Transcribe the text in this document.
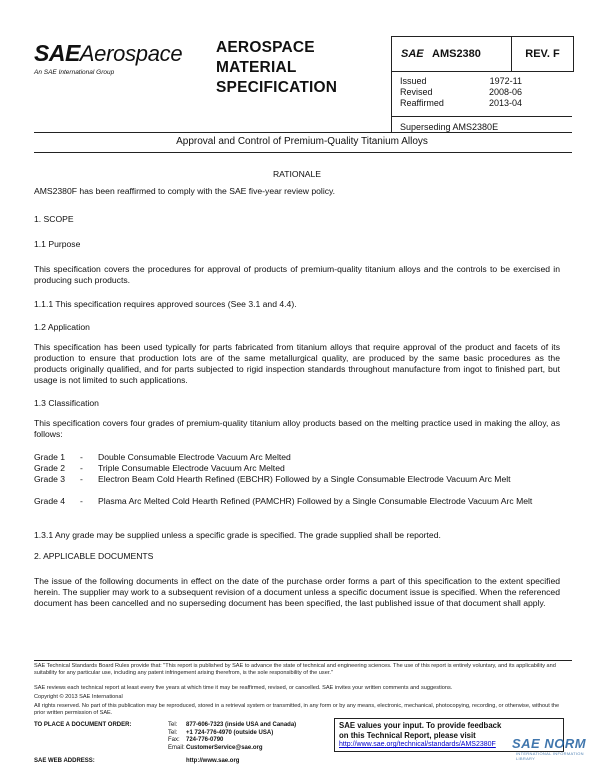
SAEAerospace
An SAE International Group
AEROSPACE
MATERIAL
SPECIFICATION
SAE AMS2380	REV. F
Issued	1972-11
Revised	2008-06
Reaffirmed	2013-04
Superseding AMS2380E
Approval and Control of Premium-Quality Titanium Alloys
RATIONALE
AMS2380F has been reaffirmed to comply with the SAE five-year review policy.
1. SCOPE
1.1 Purpose
This specification covers the procedures for approval of products of premium-quality titanium alloys and the controls to be exercised in producing such products.
1.1.1 This specification requires approved sources (See 3.1 and 4.4).
1.2 Application
This specification has been used typically for parts fabricated from titanium alloys that require approval of the product and facets of its production to ensure that production lots are of the same metallurgical quality, are produced by the same basic procedures as the products originally qualified, and for parts subjected to rigid inspection standards throughout manufacture from ingot to finished part, but usage is not limited to such applications.
1.3 Classification
This specification covers four grades of premium-quality titanium alloy products based on the melting practice used in making the alloy, as follows:
Grade 1 - Double Consumable Electrode Vacuum Arc Melted
Grade 2 - Triple Consumable Electrode Vacuum Arc Melted
Grade 3 - Electron Beam Cold Hearth Refined (EBCHR) Followed by a Single Consumable Electrode Vacuum Arc Melt
Grade 4 - Plasma Arc Melted Cold Hearth Refined (PAMCHR) Followed by a Single Consumable Electrode Vacuum Arc Melt
1.3.1 Any grade may be supplied unless a specific grade is specified. The grade supplied shall be reported.
2. APPLICABLE DOCUMENTS
The issue of the following documents in effect on the date of the purchase order forms a part of this specification to the extent specified herein. The supplier may work to a subsequent revision of a document unless a specific document issue is specified. When the referenced document has been cancelled and no superseding document has been specified, the last published issue of that document shall apply.
SAE Technical Standards Board Rules provide that: "This report is published by SAE to advance the state of technical and engineering sciences. The use of this report is entirely voluntary, and its applicability and suitability for any particular use, including any patent infringement arising therefrom, is the sole responsibility of the user."
SAE reviews each technical report at least every five years at which time it may be reaffirmed, revised, or cancelled. SAE invites your written comments and suggestions.
Copyright © 2013 SAE International
All rights reserved. No part of this publication may be reproduced, stored in a retrieval system or transmitted, in any form or by any means, electronic, mechanical, photocopying, recording, or otherwise, without the prior written permission of SAE.
TO PLACE A DOCUMENT ORDER:	Tel: 877-606-7323 (inside USA and Canada)
Tel: +1 724-776-4970 (outside USA)
Fax: 724-776-0790
Email: CustomerService@sae.org
SAE WEB ADDRESS:	http://www.sae.org
SAE values your input. To provide feedback
on this Technical Report, please visit
http://www.sae.org/technical/standards/AMS2380F	SAE NORM
INTERNATIONAL INFORMATION LIBRARY
